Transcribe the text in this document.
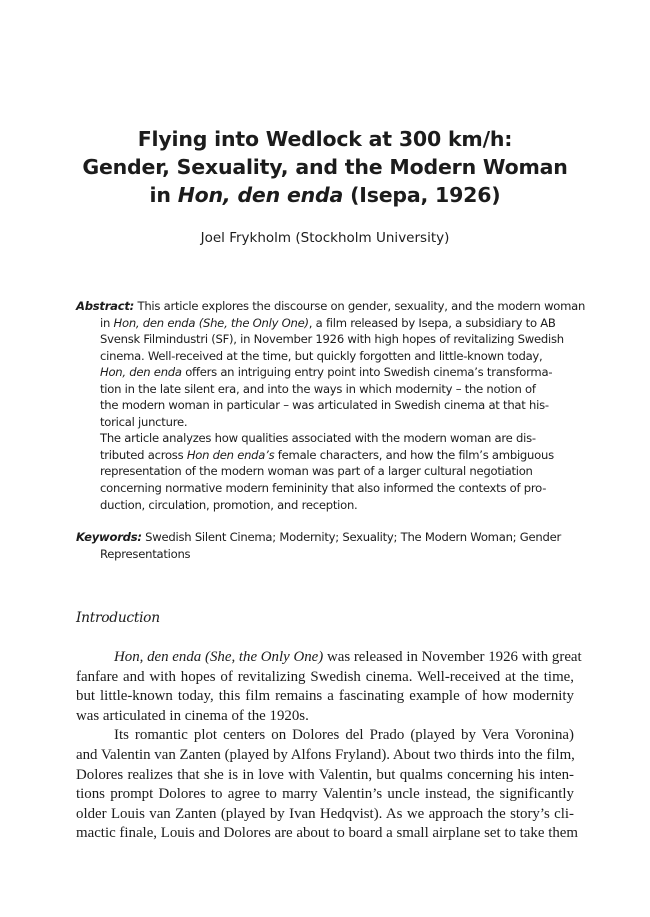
Flying into Wedlock at 300 km/h:
Gender, Sexuality, and the Modern Woman
in Hon, den enda (Isepa, 1926)
Joel Frykholm (Stockholm University)
Abstract: This article explores the discourse on gender, sexuality, and the modern woman
in Hon, den enda (She, the Only One), a film released by Isepa, a subsidiary to AB
Svensk Filmindustri (SF), in November 1926 with high hopes of revitalizing Swedish
cinema. Well-received at the time, but quickly forgotten and little-known today,
Hon, den enda offers an intriguing entry point into Swedish cinema’s transforma-
tion in the late silent era, and into the ways in which modernity – the notion of
the modern woman in particular – was articulated in Swedish cinema at that his-
torical juncture.
The article analyzes how qualities associated with the modern woman are dis-
tributed across Hon den enda’s female characters, and how the film’s ambiguous
representation of the modern woman was part of a larger cultural negotiation
concerning normative modern femininity that also informed the contexts of pro-
duction, circulation, promotion, and reception.
Keywords: Swedish Silent Cinema; Modernity; Sexuality; The Modern Woman; Gender
Representations
Introduction
Hon, den enda (She, the Only One) was released in November 1926 with great
fanfare and with hopes of revitalizing Swedish cinema. Well-received at the time,
but little-known today, this film remains a fascinating example of how modernity
was articulated in cinema of the 1920s.
Its romantic plot centers on Dolores del Prado (played by Vera Voronina)
and Valentin van Zanten (played by Alfons Fryland). About two thirds into the film,
Dolores realizes that she is in love with Valentin, but qualms concerning his inten-
tions prompt Dolores to agree to marry Valentin’s uncle instead, the significantly
older Louis van Zanten (played by Ivan Hedqvist). As we approach the story’s cli-
mactic finale, Louis and Dolores are about to board a small airplane set to take them
